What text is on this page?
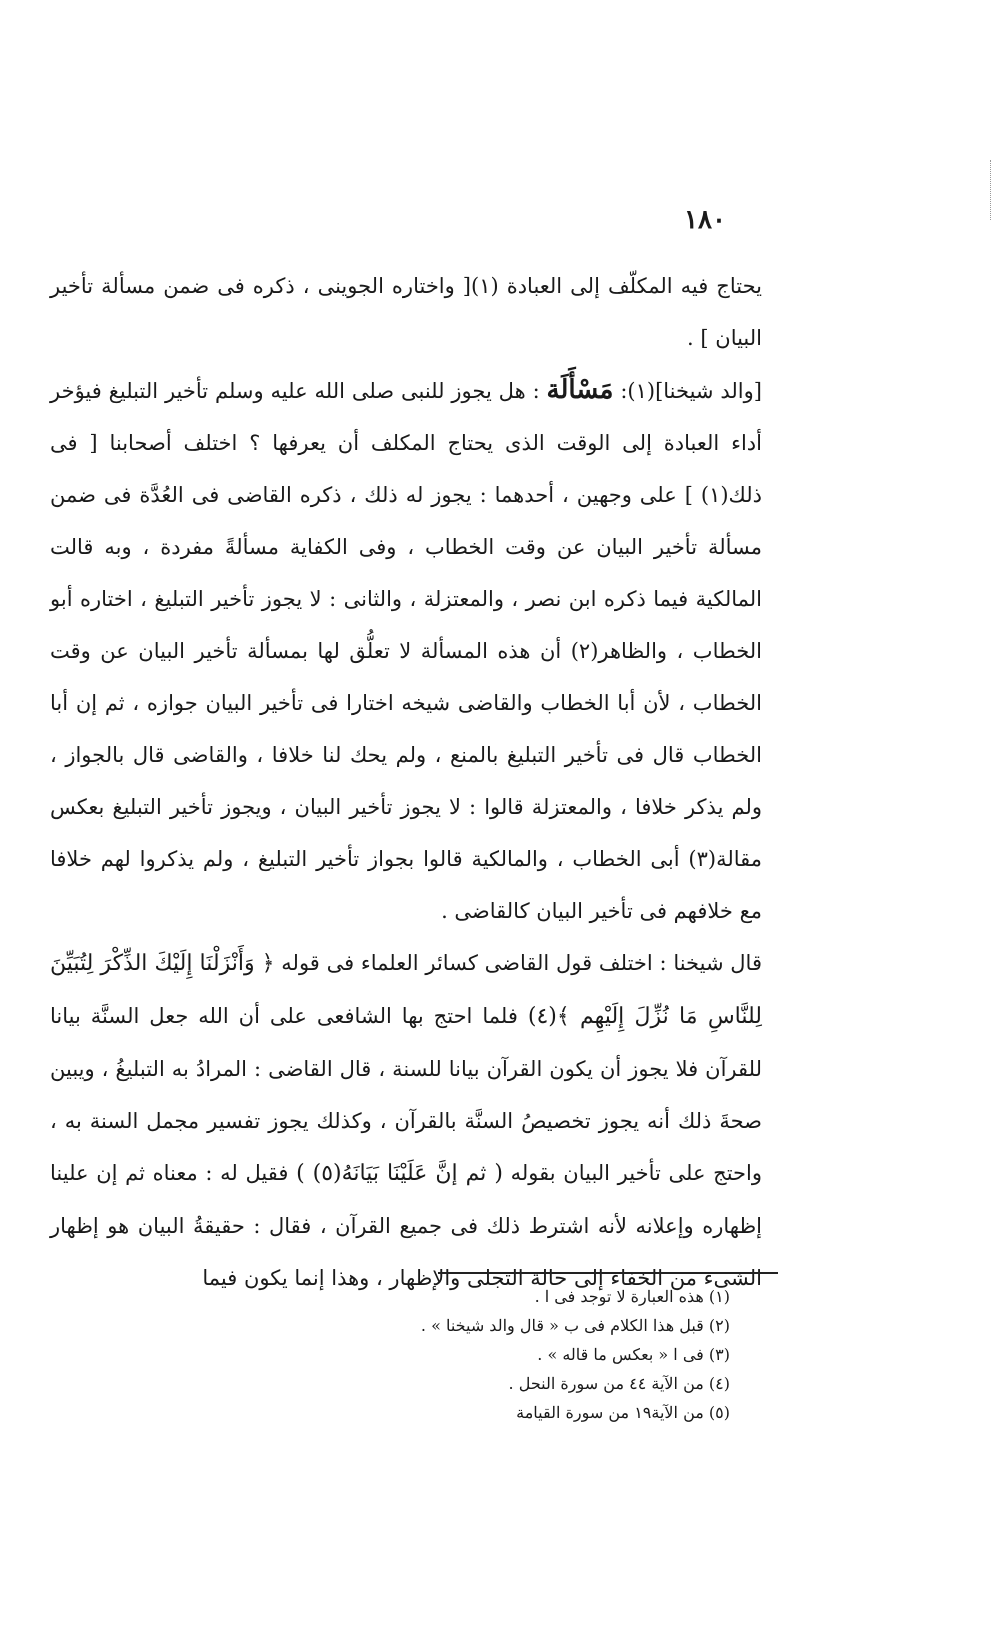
١٨٠

يحتاج فيه المكلّف إلى العبادة (١)[ واختاره الجوينى ، ذكره فى ضمن مسألة تأخير البيان ] .

[والد شيخنا](١): مَسْأَلَة : هل يجوز للنبى صلى الله عليه وسلم تأخير التبليغ فيؤخر أداء العبادة إلى الوقت الذى يحتاج المكلف أن يعرفها ؟ اختلف أصحابنا [ فى ذلك(١) ] على وجهين ، أحدهما : يجوز له ذلك ، ذكره القاضى فى العُدَّة فى ضمن مسألة تأخير البيان عن وقت الخطاب ، وفى الكفاية مسألةً مفردة ، وبه قالت المالكية فيما ذكره ابن نصر ، والمعتزلة ، والثانى : لا يجوز تأخير التبليغ ، اختاره أبو الخطاب ، والظاهر(٢) أن هذه المسألة لا تعلُّق لها بمسألة تأخير البيان عن وقت الخطاب ، لأن أبا الخطاب والقاضى شيخه اختارا فى تأخير البيان جوازه ، ثم إن أبا الخطاب قال فى تأخير التبليغ بالمنع ، ولم يحك لنا خلافا ، والقاضى قال بالجواز ، ولم يذكر خلافا ، والمعتزلة قالوا : لا يجوز تأخير البيان ، ويجوز تأخير التبليغ بعكس مقالة(٣) أبى الخطاب ، والمالكية قالوا بجواز تأخير التبليغ ، ولم يذكروا لهم خلافا مع خلافهم فى تأخير البيان كالقاضى .

قال شيخنا : اختلف قول القاضى كسائر العلماء فى قوله ﴿ وَأَنْزَلْنَا إِلَيْكَ الذِّكْرَ لِتُبَيِّنَ لِلنَّاسِ مَا نُزِّلَ إِلَيْهِم ﴾(٤) فلما احتج بها الشافعى على أن الله جعل السنَّة بيانا للقرآن فلا يجوز أن يكون القرآن بيانا للسنة ، قال القاضى : المرادُ به التبليغُ ، ويبين صحةَ ذلك أنه يجوز تخصيصُ السنَّة بالقرآن ، وكذلك يجوز تفسير مجمل السنة به ، واحتج على تأخير البيان بقوله ( ثم إنَّ عَلَيْنَا بَيَانَهُ(٥) ) فقيل له : معناه ثم إن علينا إظهاره وإعلانه لأنه اشترط ذلك فى جميع القرآن ، فقال : حقيقةُ البيان هو إظهار الشىء من الخفاء إلى حالة التجلى والإظهار ، وهذا إنما يكون فيما

(١) هذه العبارة لا توجد فى ا .
(٢) قبل هذا الكلام فى ب « قال والد شيخنا » .
(٣) فى ا « بعكس ما قاله » .
(٤) من الآية ٤٤ من سورة النحل .
(٥) من الآية١٩ من سورة القيامة
